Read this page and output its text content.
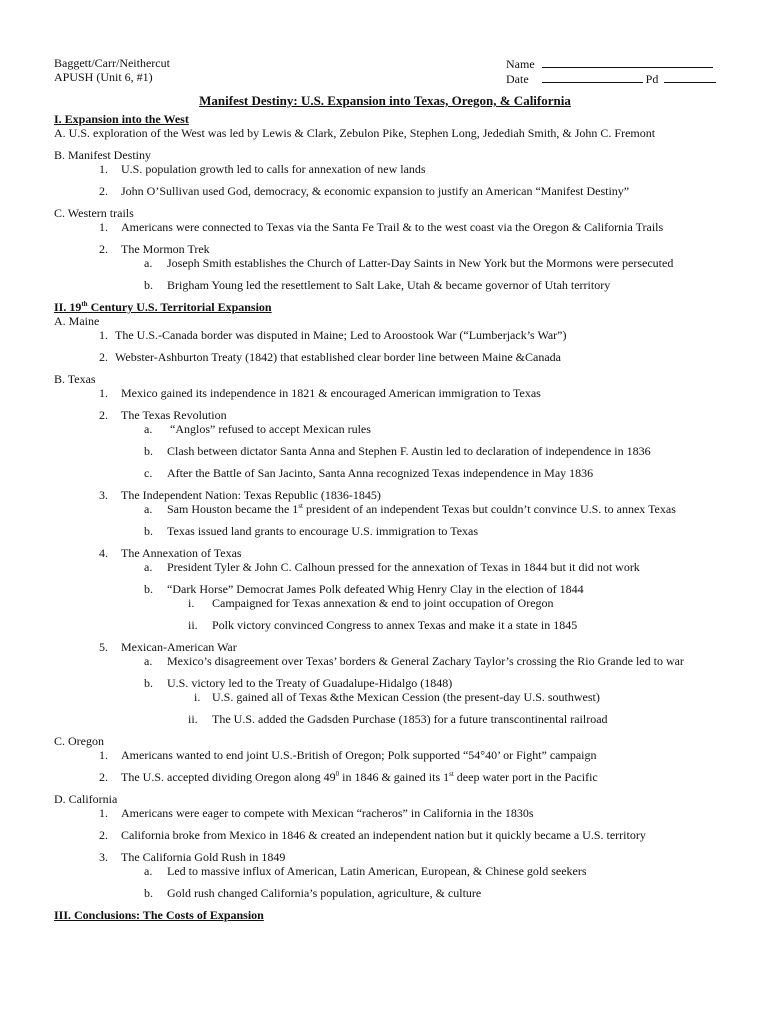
Baggett/Carr/Neithercut
APUSH (Unit 6, #1)
Name
Date	Pd
Manifest Destiny: U.S. Expansion into Texas, Oregon, & California
I. Expansion into the West
A. U.S. exploration of the West was led by Lewis & Clark, Zebulon Pike, Stephen Long, Jedediah Smith, & John C. Fremont
B. Manifest Destiny
1. U.S. population growth led to calls for annexation of new lands
2. John O’Sullivan used God, democracy, & economic expansion to justify an American “Manifest Destiny”
C. Western trails
1. Americans were connected to Texas via the Santa Fe Trail & to the west coast via the Oregon & California Trails
2. The Mormon Trek
a. Joseph Smith establishes the Church of Latter-Day Saints in New York but the Mormons were persecuted
b. Brigham Young led the resettlement to Salt Lake, Utah & became governor of Utah territory
II. 19th Century U.S. Territorial Expansion
A. Maine
1. The U.S.-Canada border was disputed in Maine; Led to Aroostook War (“Lumberjack’s War”)
2. Webster-Ashburton Treaty (1842) that established clear border line between Maine &Canada
B. Texas
1. Mexico gained its independence in 1821 & encouraged American immigration to Texas
2. The Texas Revolution
a. “Anglos” refused to accept Mexican rules
b. Clash between dictator Santa Anna and Stephen F. Austin led to declaration of independence in 1836
c. After the Battle of San Jacinto, Santa Anna recognized Texas independence in May 1836
3. The Independent Nation: Texas Republic (1836-1845)
a. Sam Houston became the 1st president of an independent Texas but couldn’t convince U.S. to annex Texas
b. Texas issued land grants to encourage U.S. immigration to Texas
4. The Annexation of Texas
a. President Tyler & John C. Calhoun pressed for the annexation of Texas in 1844 but it did not work
b. “Dark Horse” Democrat James Polk defeated Whig Henry Clay in the election of 1844
i. Campaigned for Texas annexation & end to joint occupation of Oregon
ii. Polk victory convinced Congress to annex Texas and make it a state in 1845
5. Mexican-American War
a. Mexico’s disagreement over Texas’ borders & General Zachary Taylor’s crossing the Rio Grande led to war
b. U.S. victory led to the Treaty of Guadalupe-Hidalgo (1848)
i. U.S. gained all of Texas &the Mexican Cession (the present-day U.S. southwest)
ii. The U.S. added the Gadsden Purchase (1853) for a future transcontinental railroad
C. Oregon
1. Americans wanted to end joint U.S.-British of Oregon; Polk supported “54°40’ or Fight” campaign
2. The U.S. accepted dividing Oregon along $49^0$ in 1846 & gained its 1st deep water port in the Pacific
D. California
1. Americans were eager to compete with Mexican “racheros” in California in the 1830s
2. California broke from Mexico in 1846 & created an independent nation but it quickly became a U.S. territory
3. The California Gold Rush in 1849
a. Led to massive influx of American, Latin American, European, & Chinese gold seekers
b. Gold rush changed California’s population, agriculture, & culture
III. Conclusions: The Costs of Expansion
